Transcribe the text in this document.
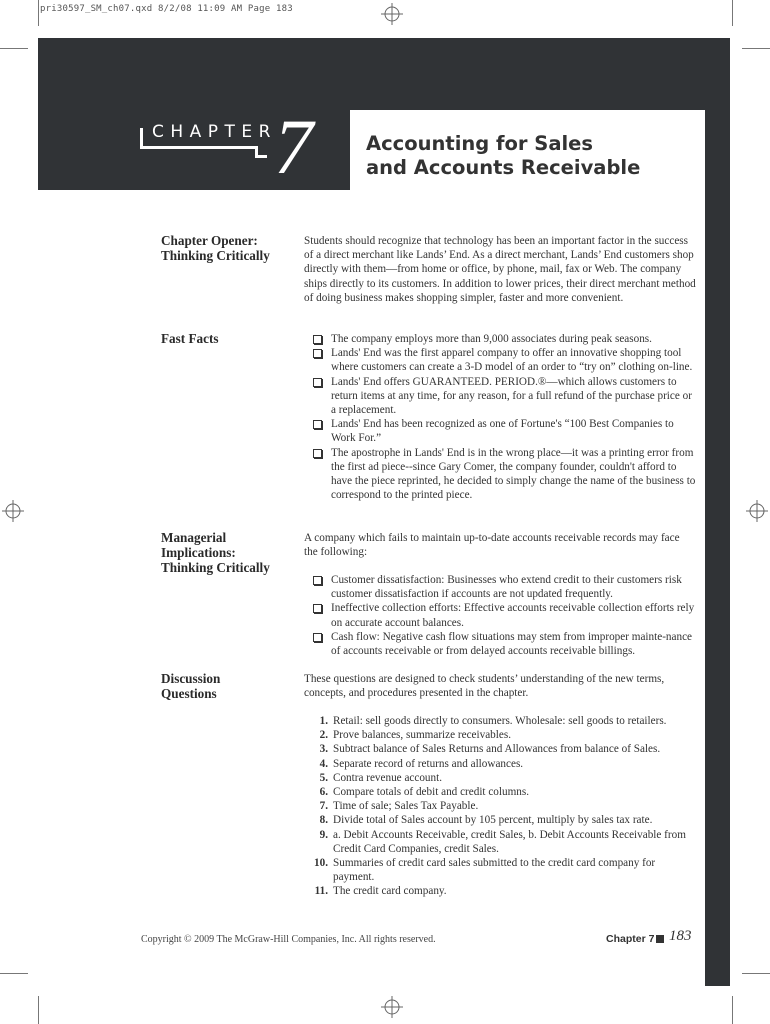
pri30597_SM_ch07.qxd 8/2/08 11:09 AM Page 183
CHAPTER
7	Accounting for Sales
and Accounts Receivable
Chapter Opener:
Thinking Critically
Students should recognize that technology has been an important factor in the success of a direct merchant like Lands’ End. As a direct merchant, Lands’ End customers shop directly with them—from home or office, by phone, mail, fax or Web. The company ships directly to its customers. In addition to lower prices, their direct merchant method of doing business makes shopping simpler, faster and more convenient.
Fast Facts	The company employs more than 9,000 associates during peak seasons.
Lands' End was the first apparel company to offer an innovative shopping tool where customers can create a 3-D model of an order to “try on” clothing on-line.
Lands' End offers GUARANTEED. PERIOD.®—which allows customers to return items at any time, for any reason, for a full refund of the purchase price or a replacement.
Lands' End has been recognized as one of Fortune's “100 Best Companies to Work For.”
The apostrophe in Lands' End is in the wrong place—it was a printing error from the first ad piece--since Gary Comer, the company founder, couldn't afford to have the piece reprinted, he decided to simply change the name of the business to correspond to the printed piece.
Managerial
Implications:
Thinking Critically
A company which fails to maintain up-to-date accounts receivable records may face the following:
Customer dissatisfaction: Businesses who extend credit to their customers risk customer dissatisfaction if accounts are not updated frequently.
Ineffective collection efforts: Effective accounts receivable collection efforts rely on accurate account balances.
Cash flow: Negative cash flow situations may stem from improper mainte-nance of accounts receivable or from delayed accounts receivable billings.
Discussion
Questions
These questions are designed to check students’ understanding of the new terms, concepts, and procedures presented in the chapter.
1. Retail: sell goods directly to consumers. Wholesale: sell goods to retailers.
2. Prove balances, summarize receivables.
3. Subtract balance of Sales Returns and Allowances from balance of Sales.
4. Separate record of returns and allowances.
5. Contra revenue account.
6. Compare totals of debit and credit columns.
7. Time of sale; Sales Tax Payable.
8. Divide total of Sales account by 105 percent, multiply by sales tax rate.
9. a. Debit Accounts Receivable, credit Sales, b. Debit Accounts Receivable from Credit Card Companies, credit Sales.
10. Summaries of credit card sales submitted to the credit card company for payment.
11. The credit card company.
Copyright © 2009 The McGraw-Hill Companies, Inc. All rights reserved.	Chapter 7 183
